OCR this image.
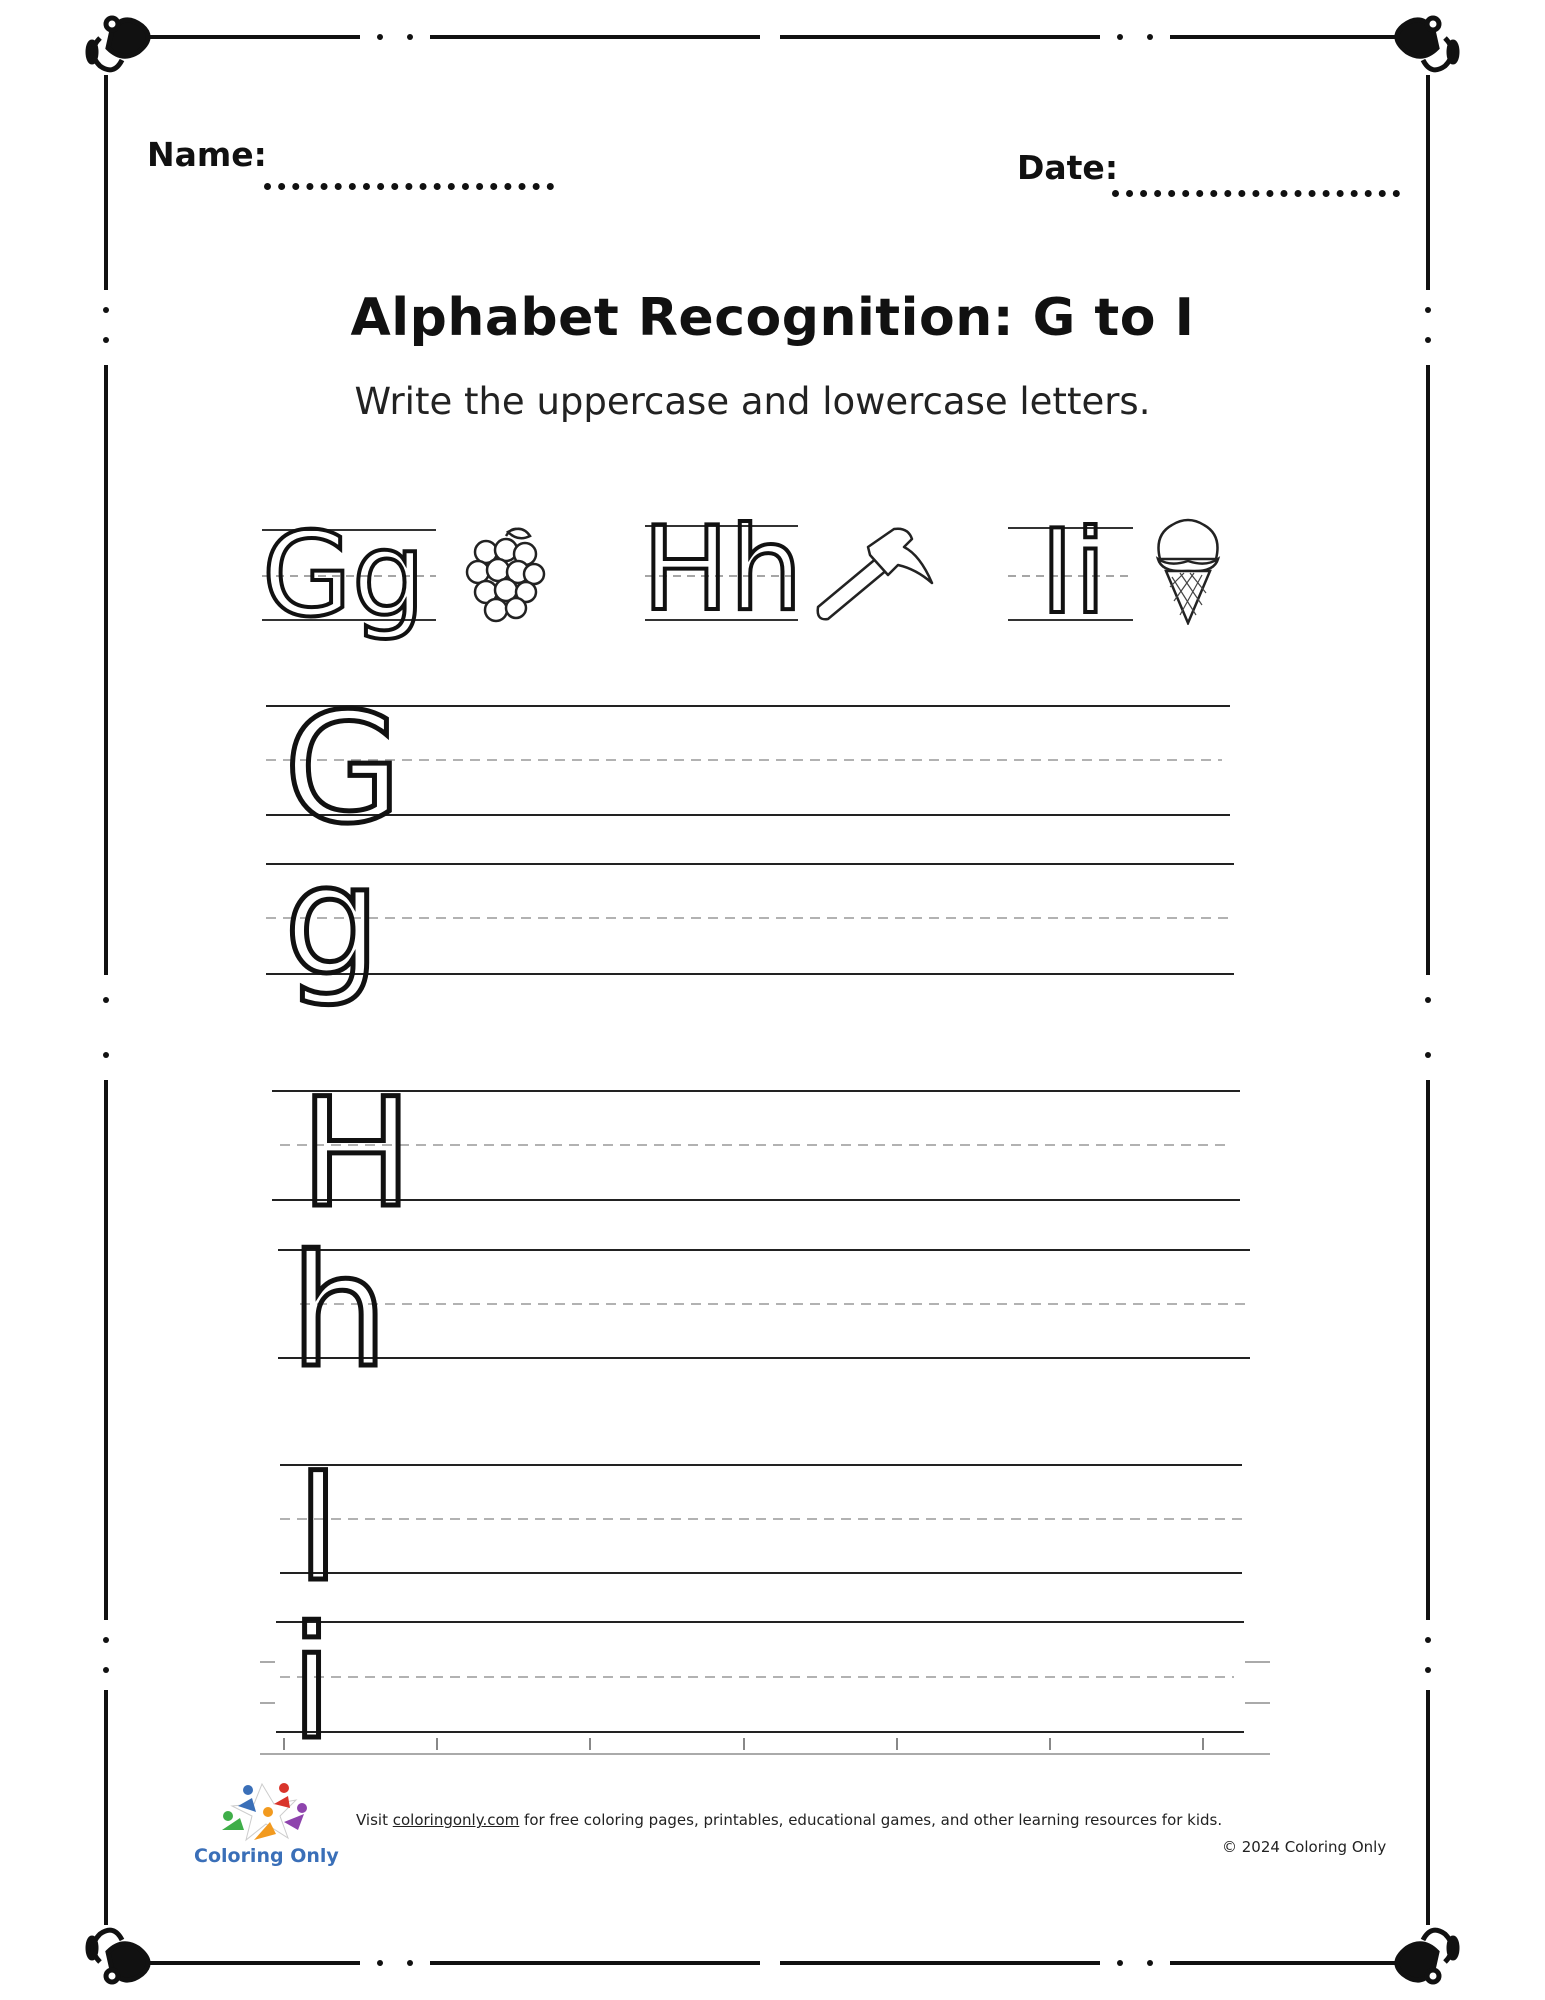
Name:	Date:
Alphabet Recognition: G to I
Write the uppercase and lowercase letters.
Gg Hh Ii
G
g
H
h
I
i
Coloring Only
Visit coloringonly.com for free coloring pages, printables, educational games, and other learning resources for kids.
© 2024 Coloring Only
